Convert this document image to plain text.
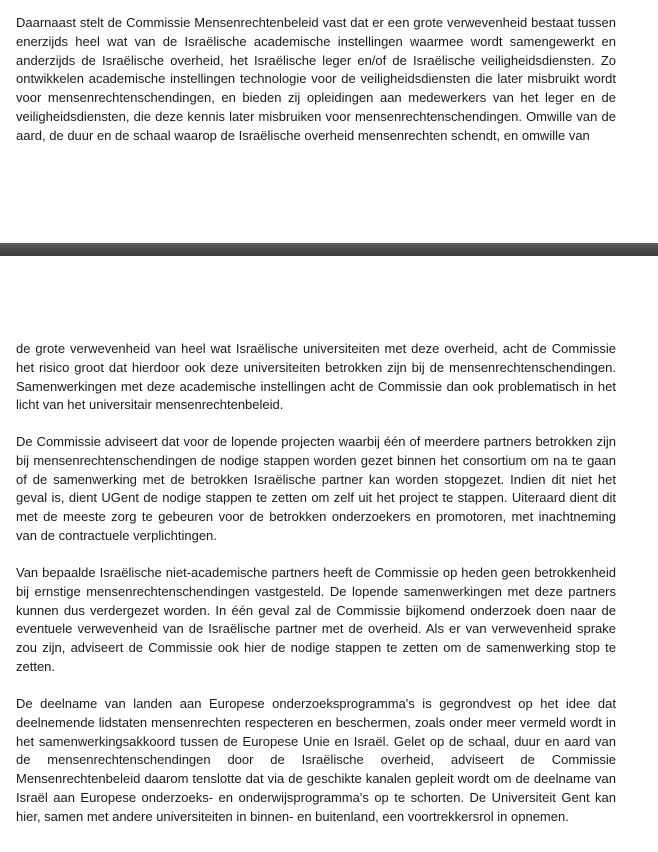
Daarnaast stelt de Commissie Mensenrechtenbeleid vast dat er een grote verwevenheid bestaat tussen enerzijds heel wat van de Israëlische academische instellingen waarmee wordt samengewerkt en anderzijds de Israëlische overheid, het Israëlische leger en/of de Israëlische veiligheidsdiensten. Zo ontwikkelen academische instellingen technologie voor de veiligheidsdiensten die later misbruikt wordt voor mensenrechtenschendingen, en bieden zij opleidingen aan medewerkers van het leger en de veiligheidsdiensten, die deze kennis later misbruiken voor mensenrechtenschendingen. Omwille van de aard, de duur en de schaal waarop de Israëlische overheid mensenrechten schendt, en omwille van

de grote verwevenheid van heel wat Israëlische universiteiten met deze overheid, acht de Commissie het risico groot dat hierdoor ook deze universiteiten betrokken zijn bij de mensenrechtenschendingen. Samenwerkingen met deze academische instellingen acht de Commissie dan ook problematisch in het licht van het universitair mensenrechtenbeleid.

De Commissie adviseert dat voor de lopende projecten waarbij één of meerdere partners betrokken zijn bij mensenrechtenschendingen de nodige stappen worden gezet binnen het consortium om na te gaan of de samenwerking met de betrokken Israëlische partner kan worden stopgezet. Indien dit niet het geval is, dient UGent de nodige stappen te zetten om zelf uit het project te stappen. Uiteraard dient dit met de meeste zorg te gebeuren voor de betrokken onderzoekers en promotoren, met inachtneming van de contractuele verplichtingen.

Van bepaalde Israëlische niet-academische partners heeft de Commissie op heden geen betrokkenheid bij ernstige mensenrechtenschendingen vastgesteld. De lopende samenwerkingen met deze partners kunnen dus verdergezet worden. In één geval zal de Commissie bijkomend onderzoek doen naar de eventuele verwevenheid van de Israëlische partner met de overheid. Als er van verwevenheid sprake zou zijn, adviseert de Commissie ook hier de nodige stappen te zetten om de samenwerking stop te zetten.

De deelname van landen aan Europese onderzoeksprogramma's is gegrondvest op het idee dat deelnemende lidstaten mensenrechten respecteren en beschermen, zoals onder meer vermeld wordt in het samenwerkingsakkoord tussen de Europese Unie en Israël. Gelet op de schaal, duur en aard van de mensenrechtenschendingen door de Israëlische overheid, adviseert de Commissie Mensenrechtenbeleid daarom tenslotte dat via de geschikte kanalen gepleit wordt om de deelname van Israël aan Europese onderzoeks- en onderwijsprogramma's op te schorten. De Universiteit Gent kan hier, samen met andere universiteiten in binnen- en buitenland, een voortrekkersrol in opnemen.
